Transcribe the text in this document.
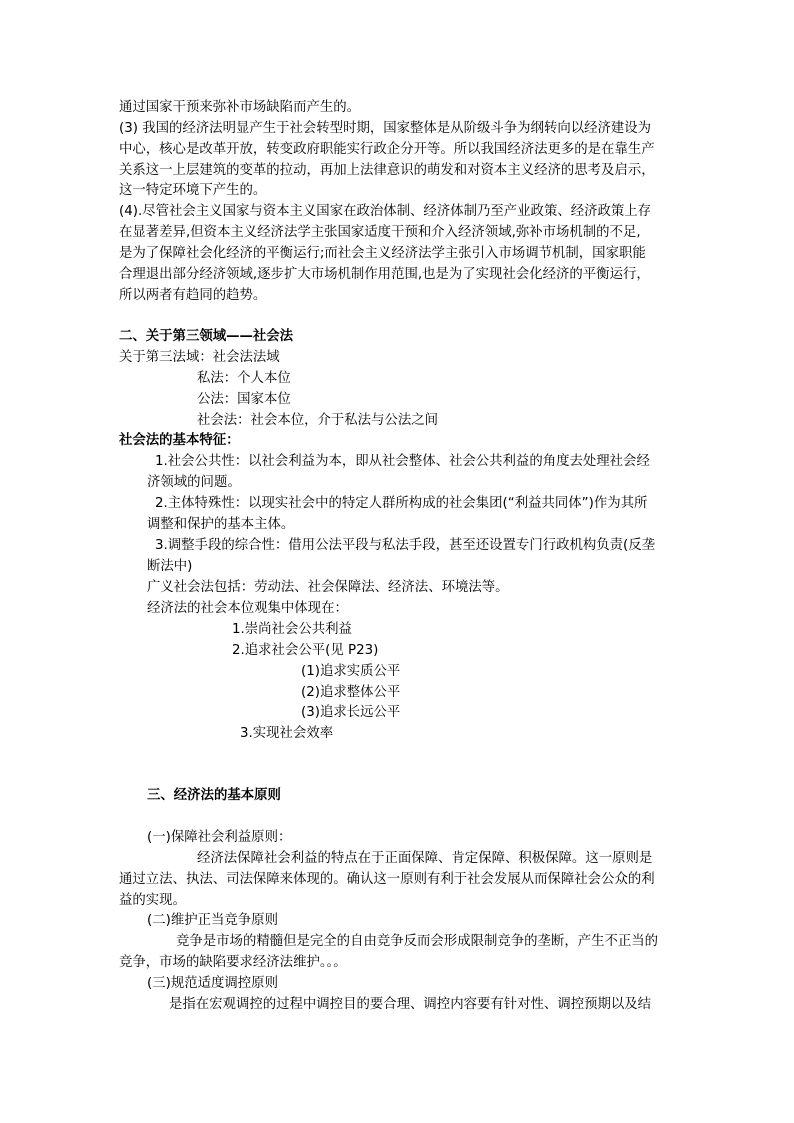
通过国家干预来弥补市场缺陷而产生的。

(3) 我国的经济法明显产生于社会转型时期，国家整体是从阶级斗争为纲转向以经济建设为

中心，核心是改革开放，转变政府职能实行政企分开等。所以我国经济法更多的是在靠生产

关系这一上层建筑的变革的拉动，再加上法律意识的萌发和对资本主义经济的思考及启示，

这一特定环境下产生的。

(4).尽管社会主义国家与资本主义国家在政治体制、经济体制乃至产业政策、经济政策上存

在显著差异,但资本主义经济法学主张国家适度干预和介入经济领域,弥补市场机制的不足,

是为了保障社会化经济的平衡运行;而社会主义经济法学主张引入市场调节机制，国家职能

合理退出部分经济领域,逐步扩大市场机制作用范围,也是为了实现社会化经济的平衡运行，

所以两者有趋同的趋势。

二、关于第三领域——社会法

关于第三法域：社会法法域

私法：个人本位

公法：国家本位

社会法：社会本位，介于私法与公法之间

社会法的基本特征：

1.社会公共性：以社会利益为本，即从社会整体、社会公共利益的角度去处理社会经

济领域的问题。

2.主体特殊性：以现实社会中的特定人群所构成的社会集团(“利益共同体”)作为其所

调整和保护的基本主体。

3.调整手段的综合性：借用公法平段与私法手段，甚至还设置专门行政机构负责(反垄

断法中)

广义社会法包括：劳动法、社会保障法、经济法、环境法等。

经济法的社会本位观集中体现在：

1.崇尚社会公共利益

2.追求社会公平(见 P23)

(1)追求实质公平

(2)追求整体公平

(3)追求长远公平

3.实现社会效率

三、经济法的基本原则

(一)保障社会利益原则：

经济法保障社会利益的特点在于正面保障、肯定保障、积极保障。这一原则是

通过立法、执法、司法保障来体现的。确认这一原则有利于社会发展从而保障社会公众的利

益的实现。

(二)维护正当竞争原则

竞争是市场的精髓但是完全的自由竞争反而会形成限制竞争的垄断，产生不正当的

竞争，市场的缺陷要求经济法维护。。。

(三)规范适度调控原则

是指在宏观调控的过程中调控目的要合理、调控内容要有针对性、调控预期以及结
